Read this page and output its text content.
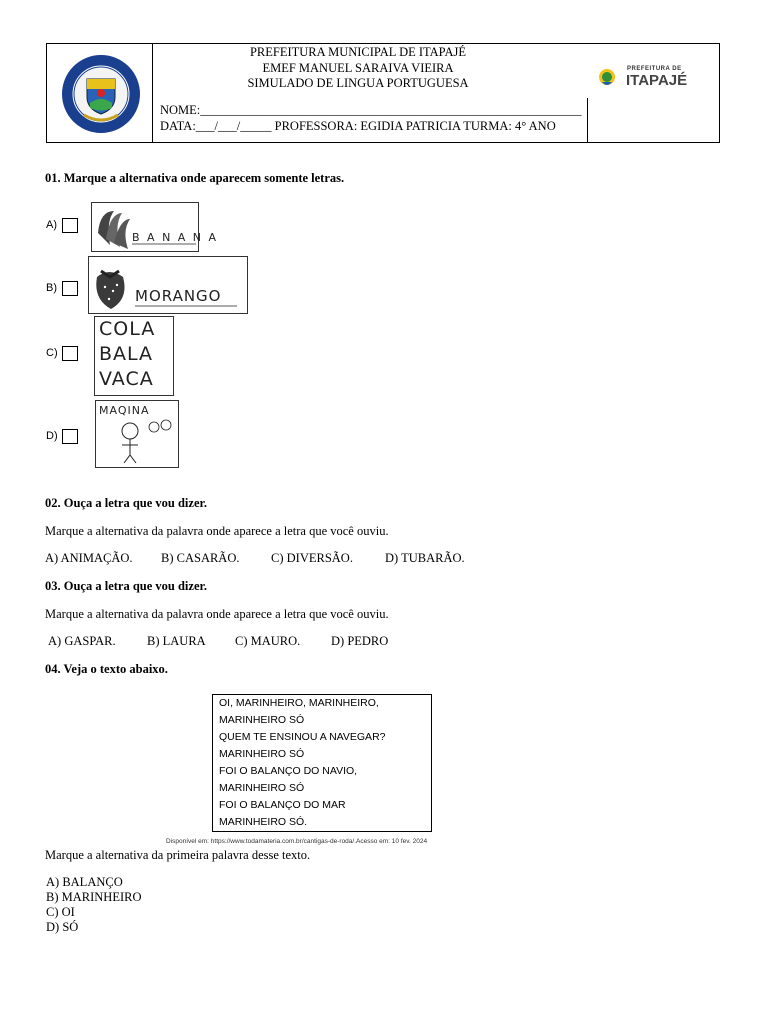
PREFEITURA MUNICIPAL DE ITAPAJÉ
EMEF MANUEL SARAIVA VIEIRA
SIMULADO DE LINGUA PORTUGUESA
NOME:_____________________________________________________________
DATA:___/___/_____ PROFESSORA: EGIDIA PATRICIA TURMA: 4° ANO
PREFEITURA DE
ITAPAJÉ
01. Marque a alternativa onde aparecem somente letras.
A)
B A N A N A
B)	MORANGO
C)
COLA
BALA
VACA
D)
MAQINA
02. Ouça a letra que vou dizer.
Marque a alternativa da palavra onde aparece a letra que você ouviu.
A) ANIMAÇÃO. B) CASARÃO.	C) DIVERSÃO.	D) TUBARÃO.
03. Ouça a letra que vou dizer.
Marque a alternativa da palavra onde aparece a letra que você ouviu.
A) GASPAR.	B) LAURA C) MAURO. D) PEDRO
04. Veja o texto abaixo.
OI, MARINHEIRO, MARINHEIRO,
MARINHEIRO SÓ
QUEM TE ENSINOU A NAVEGAR?
MARINHEIRO SÓ
FOI O BALANÇO DO NAVIO,
MARINHEIRO SÓ
FOI O BALANÇO DO MAR
MARINHEIRO SÓ.
Disponível em: https://www.todamateria.com.br/cantigas-de-roda/.Acesso em: 10 fev. 2024
Marque a alternativa da primeira palavra desse texto.
A) BALANÇO
B) MARINHEIRO
C) OI
D) SÓ
